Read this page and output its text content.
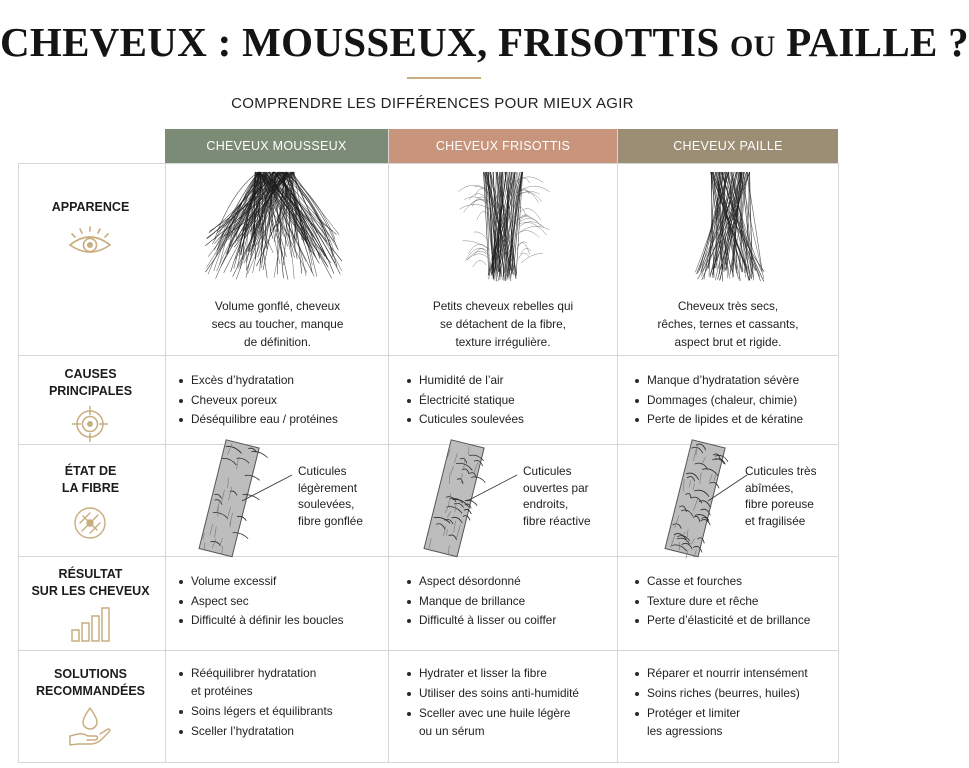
CHEVEUX : MOUSSEUX, FRISOTTIS OU PAILLE ?
COMPRENDRE LES DIFFÉRENCES POUR MIEUX AGIR
CHEVEUX MOUSSEUX	CHEVEUX FRISOTTIS	CHEVEUX PAILLE
APPARENCE
Volume gonflé, cheveux secs au toucher, manque de définition.
Petits cheveux rebelles qui se détachent de la fibre, texture irrégulière.
Cheveux très secs, rêches, ternes et cassants, aspect brut et rigide.
CAUSES
PRINCIPALES
Excès d’hydratation
Cheveux poreux
Déséquilibre eau / protéines
Humidité de l’air
Électricité statique
Cuticules soulevées
Manque d’hydratation sévère
Dommages (chaleur, chimie)
Perte de lipides et de kératine
ÉTAT DE
LA FIBRE
Cuticules
légèrement
soulevées,
fibre gonflée
Cuticules
ouvertes par
endroits,
fibre réactive
Cuticules très
abîmées,
fibre poreuse
et fragilisée
RÉSULTAT
SUR LES CHEVEUX
Volume excessif
Aspect sec
Difficulté à définir les boucles
Aspect désordonné
Manque de brillance
Difficulté à lisser ou coiffer
Casse et fourches
Texture dure et rêche
Perte d’élasticité et de brillance
SOLUTIONS
RECOMMANDÉES
Rééquilibrer hydratation
et protéines
Soins légers et équilibrants
Sceller l’hydratation
Hydrater et lisser la fibre
Utiliser des soins anti-humidité
Sceller avec une huile légère
ou un sérum
Réparer et nourrir intensément
Soins riches (beurres, huiles)
Protéger et limiter
les agressions
